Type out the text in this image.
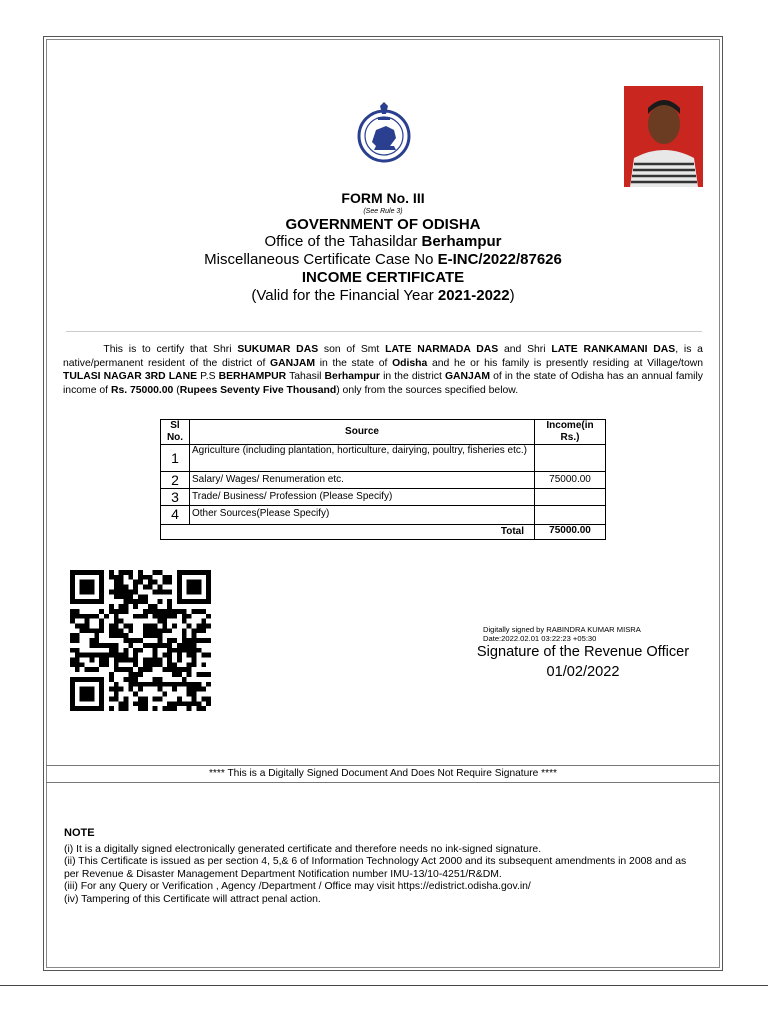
FORM No. III
(See Rule 3)
GOVERNMENT OF ODISHA
Office of the Tahasildar Berhampur
Miscellaneous Certificate Case No E-INC/2022/87626
INCOME CERTIFICATE
(Valid for the Financial Year 2021-2022)
This is to certify that Shri SUKUMAR DAS son of Smt LATE NARMADA DAS and Shri LATE RANKAMANI DAS, is a native/permanent resident of the district of GANJAM in the state of Odisha and he or his family is presently residing at Village/town TULASI NAGAR 3RD LANE P.S BERHAMPUR Tahasil Berhampur in the district GANJAM of in the state of Odisha has an annual family income of Rs. 75000.00 (Rupees Seventy Five Thousand) only from the sources specified below.
Sl No.	Source	Income(in Rs.)
1	Agriculture (including plantation, horticulture, dairying, poultry, fisheries etc.)	
2	Salary/ Wages/ Renumeration etc.	75000.00
3	Trade/ Business/ Profession (Please Specify)	
4	Other Sources(Please Specify)	
Total		75000.00
Digitally signed by RABINDRA KUMAR MISRA
Date:2022.02.01 03:22:23 +05:30
Signature of the Revenue Officer
01/02/2022
**** This is a Digitally Signed Document And Does Not Require Signature ****
NOTE

(i) It is a digitally signed electronically generated certificate and therefore needs no ink-signed signature.

(ii) This Certificate is issued as per section 4, 5,& 6 of Information Technology Act 2000 and its subsequent amendments in 2008 and as per Revenue & Disaster Management Department Notification number IMU-13/10-4251/R&DM.

(iii) For any Query or Verification , Agency /Department / Office may visit https://edistrict.odisha.gov.in/

(iv) Tampering of this Certificate will attract penal action.
